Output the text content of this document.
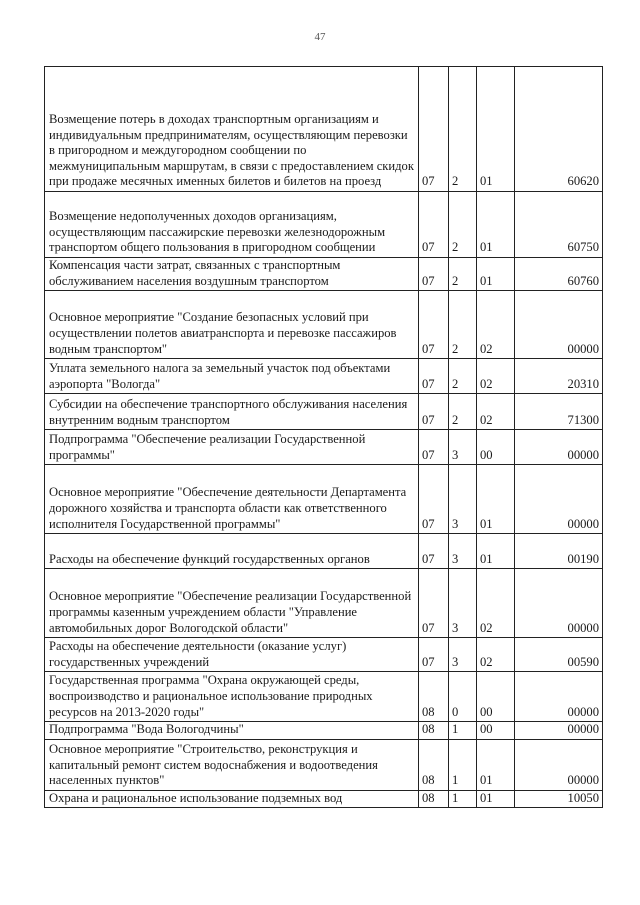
47
Возмещение потерь в доходах транспортным организациям и индивидуальным предпринимателям, осуществляющим перевозки в пригородном и междугородном сообщении по межмуниципальным маршрутам, в связи с предоставлением скидок при продаже месячных именных билетов и билетов на проезд	07	2	01	60620
Возмещение недополученных доходов организациям, осуществляющим пассажирские перевозки железнодорожным транспортом общего пользования в пригородном сообщении	07	2	01	60750
Компенсация части затрат, связанных с транспортным обслуживанием населения воздушным транспортом	07	2	01	60760
Основное мероприятие "Создание безопасных условий при осуществлении полетов авиатранспорта и перевозке пассажиров водным транспортом"	07	2	02	00000
Уплата земельного налога за земельный участок под объектами аэропорта "Вологда"	07	2	02	20310
Субсидии на обеспечение транспортного обслуживания населения внутренним водным транспортом	07	2	02	71300
Подпрограмма "Обеспечение реализации Государственной программы"	07	3	00	00000
Основное мероприятие "Обеспечение деятельности Департамента дорожного хозяйства и транспорта области как ответственного исполнителя Государственной программы"	07	3	01	00000
Расходы на обеспечение функций государственных органов	07	3	01	00190
Основное мероприятие "Обеспечение реализации Государственной программы казенным учреждением области "Управление автомобильных дорог Вологодской области"	07	3	02	00000
Расходы на обеспечение деятельности (оказание услуг) государственных учреждений	07	3	02	00590
Государственная программа "Охрана окружающей среды, воспроизводство и рациональное использование природных ресурсов на 2013-2020 годы"	08	0	00	00000
Подпрограмма "Вода Вологодчины"	08	1	00	00000
Основное мероприятие "Строительство, реконструкция и капитальный ремонт систем водоснабжения и водоотведения населенных пунктов"	08	1	01	00000
Охрана и рациональное использование подземных вод	08	1	01	10050
